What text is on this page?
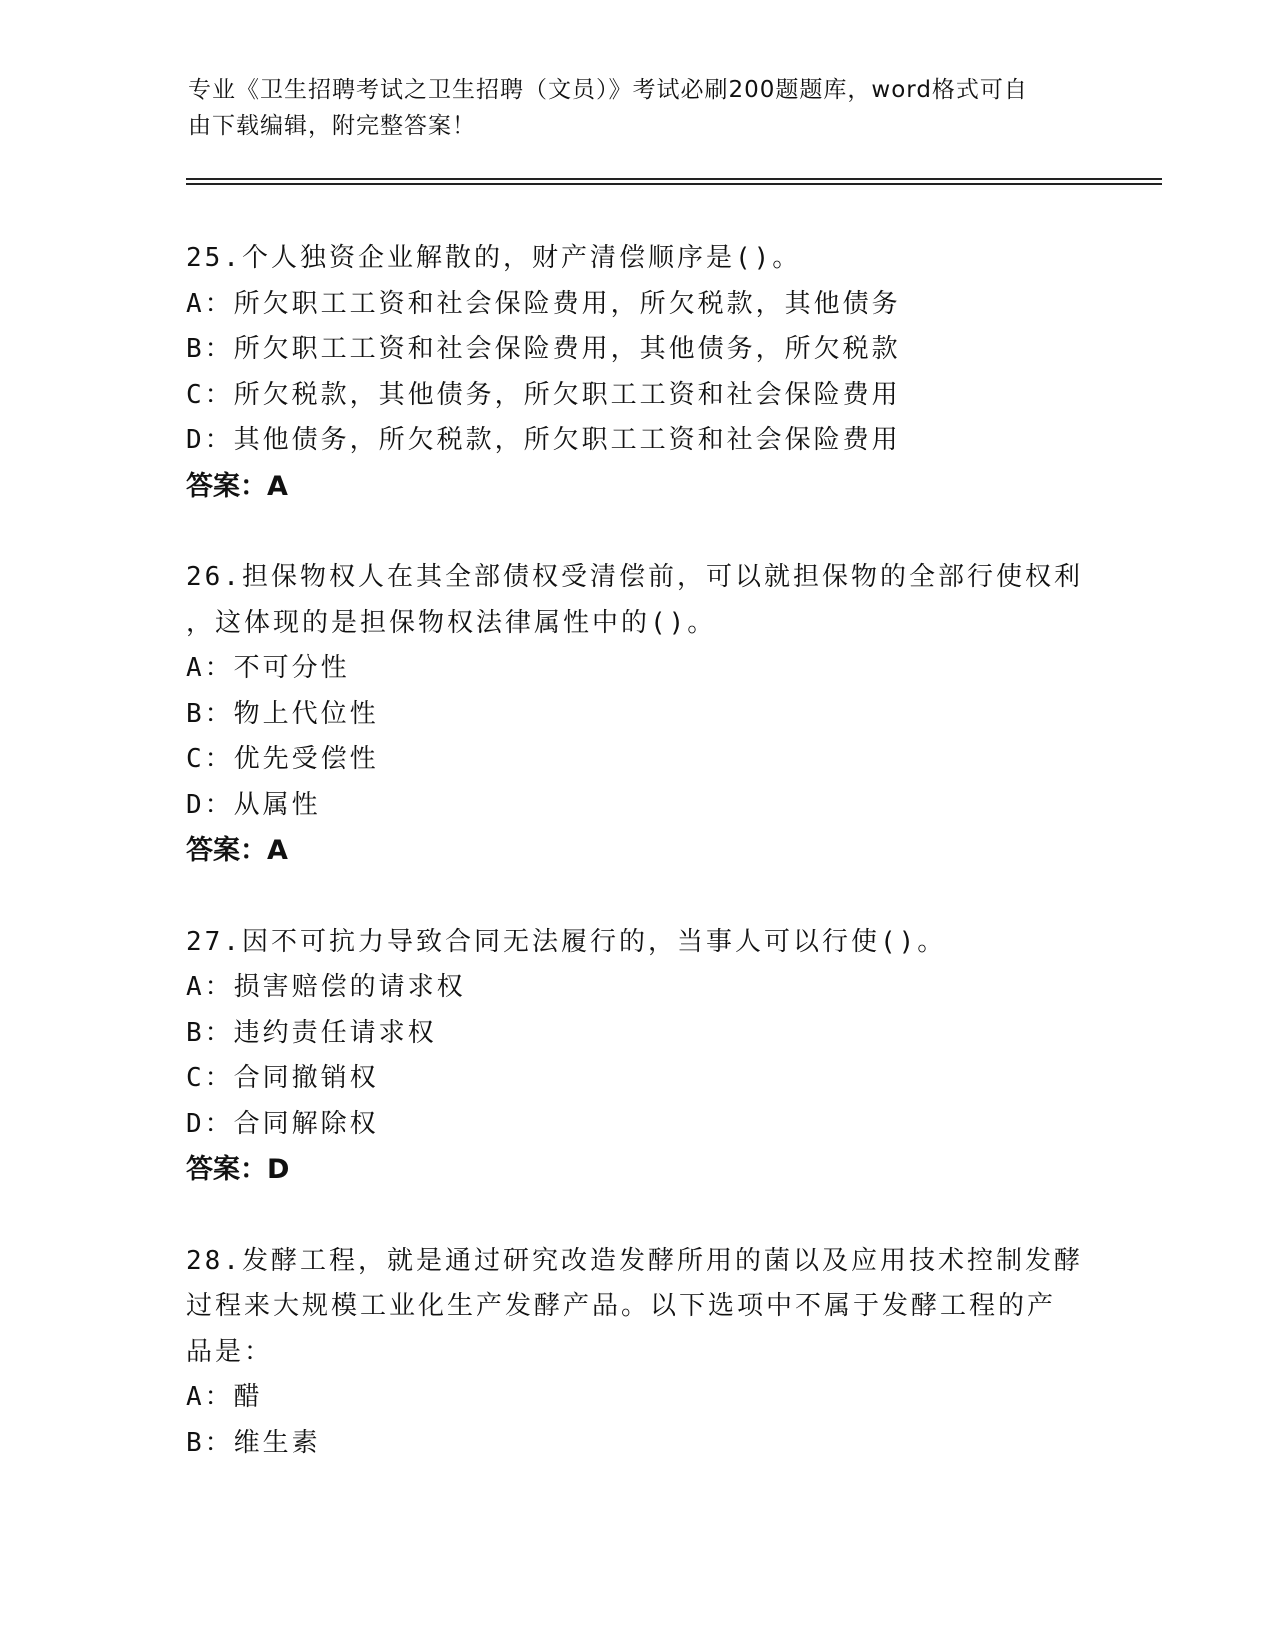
专业《卫生招聘考试之卫生招聘（文员）》考试必刷200题题库，word格式可自
由下载编辑，附完整答案！
25.个人独资企业解散的，财产清偿顺序是()。
A：所欠职工工资和社会保险费用，所欠税款，其他债务
B：所欠职工工资和社会保险费用，其他债务，所欠税款
C：所欠税款，其他债务，所欠职工工资和社会保险费用
D：其他债务，所欠税款，所欠职工工资和社会保险费用
答案：A
26.担保物权人在其全部债权受清偿前，可以就担保物的全部行使权利
，这体现的是担保物权法律属性中的()。
A：不可分性
B：物上代位性
C：优先受偿性
D：从属性
答案：A
27.因不可抗力导致合同无法履行的，当事人可以行使()。
A：损害赔偿的请求权
B：违约责任请求权
C：合同撤销权
D：合同解除权
答案：D
28.发酵工程，就是通过研究改造发酵所用的菌以及应用技术控制发酵
过程来大规模工业化生产发酵产品。以下选项中不属于发酵工程的产
品是：
A：醋
B：维生素
